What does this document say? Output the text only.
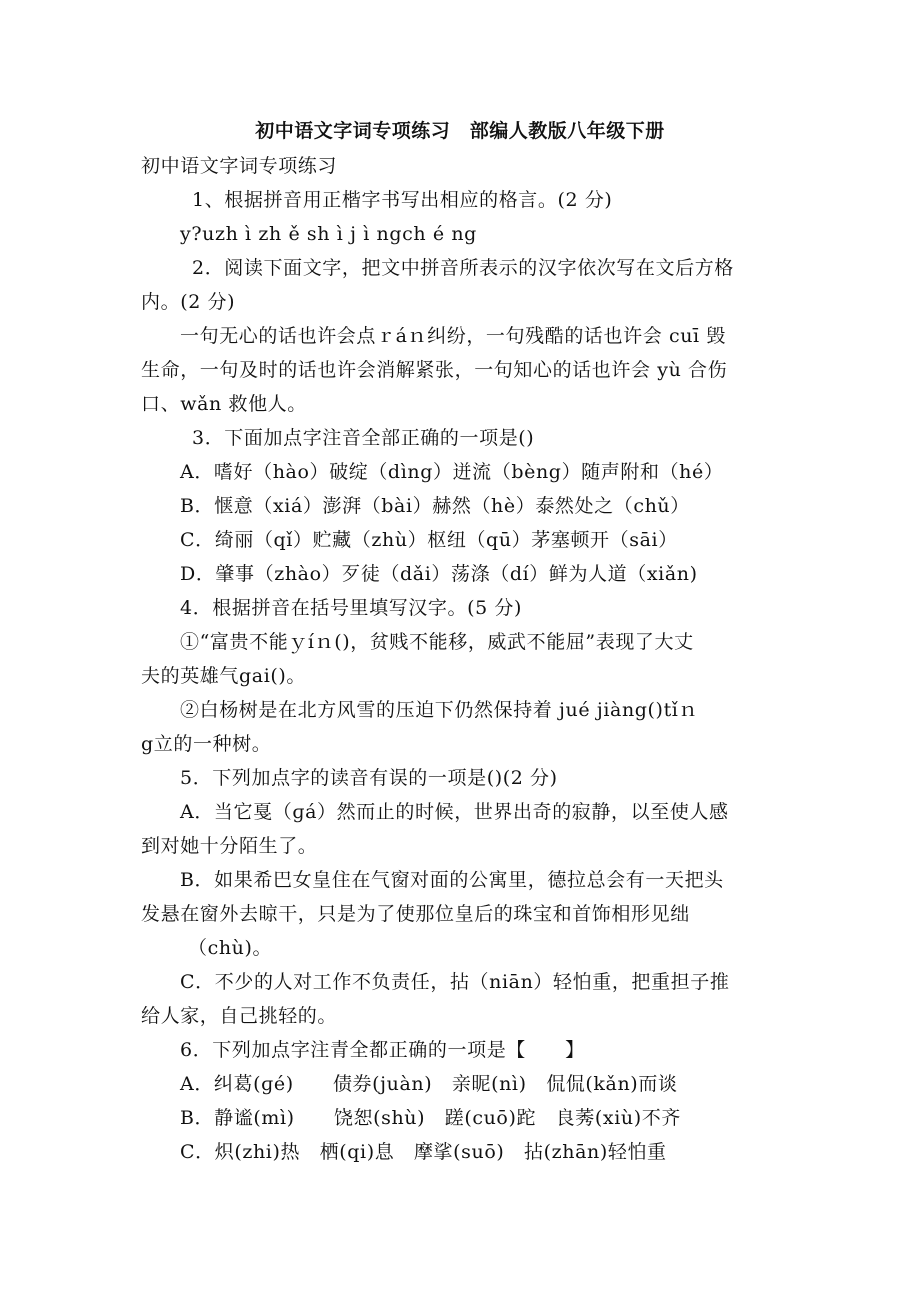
初中语文字词专项练习　部编人教版八年级下册
初中语文字词专项练习
1、根据拼音用正楷字书写出相应的格言。(2 分)
y?uzh ì zh ě sh ì j ì ngch é ng
2．阅读下面文字，把文中拼音所表示的汉字依次写在文后方格
内。(2 分)
一句无心的话也许会点ｒáｎ纠纷，一句残酷的话也许会 cuī 毁
生命，一句及时的话也许会消解紧张，一句知心的话也许会 yù 合伤
口、wǎn 救他人。
3．下面加点字注音全部正确的一项是()
A．嗜好（hào）破绽（dìng）迸流（bèng）随声附和（hé）
B．惬意（xiá）澎湃（bài）赫然（hè）泰然处之（chǔ）
C．绮丽（qǐ）贮藏（zhù）枢纽（qū）茅塞顿开（sāi）
D．肇事（zhào）歹徒（dǎi）荡涤（dí）鲜为人道（xiǎn)
4．根据拼音在括号里填写汉字。(5 分)
①“富贵不能ｙíｎ()，贫贱不能移，威武不能屈”表现了大丈
夫的英雄气gai()。
②白杨树是在北方风雪的压迫下仍然保持着 jué jiàng()tǐｎ
g立的一种树。
5．下列加点字的读音有误的一项是()(2 分)
A．当它戛（ɡá）然而止的时候，世界出奇的寂静，以至使人感
到对她十分陌生了。
B．如果希巴女皇住在气窗对面的公寓里，德拉总会有一天把头
发悬在窗外去晾干，只是为了使那位皇后的珠宝和首饰相形见绌
（chù)。
C．不少的人对工作不负责任，拈（niān）轻怕重，把重担子推
给人家，自己挑轻的。
6．下列加点字注青全都正确的一项是【　　】
A．纠葛(ɡé)　　债券(juàn)　亲昵(nì)　侃侃(kǎn)而谈
B．静谧(mì)　　饶恕(shù)　蹉(cuō)跎　良莠(xiù)不齐
C．炽(zhi)热　栖(qi)息　摩挲(suō)　拈(zhān)轻怕重
